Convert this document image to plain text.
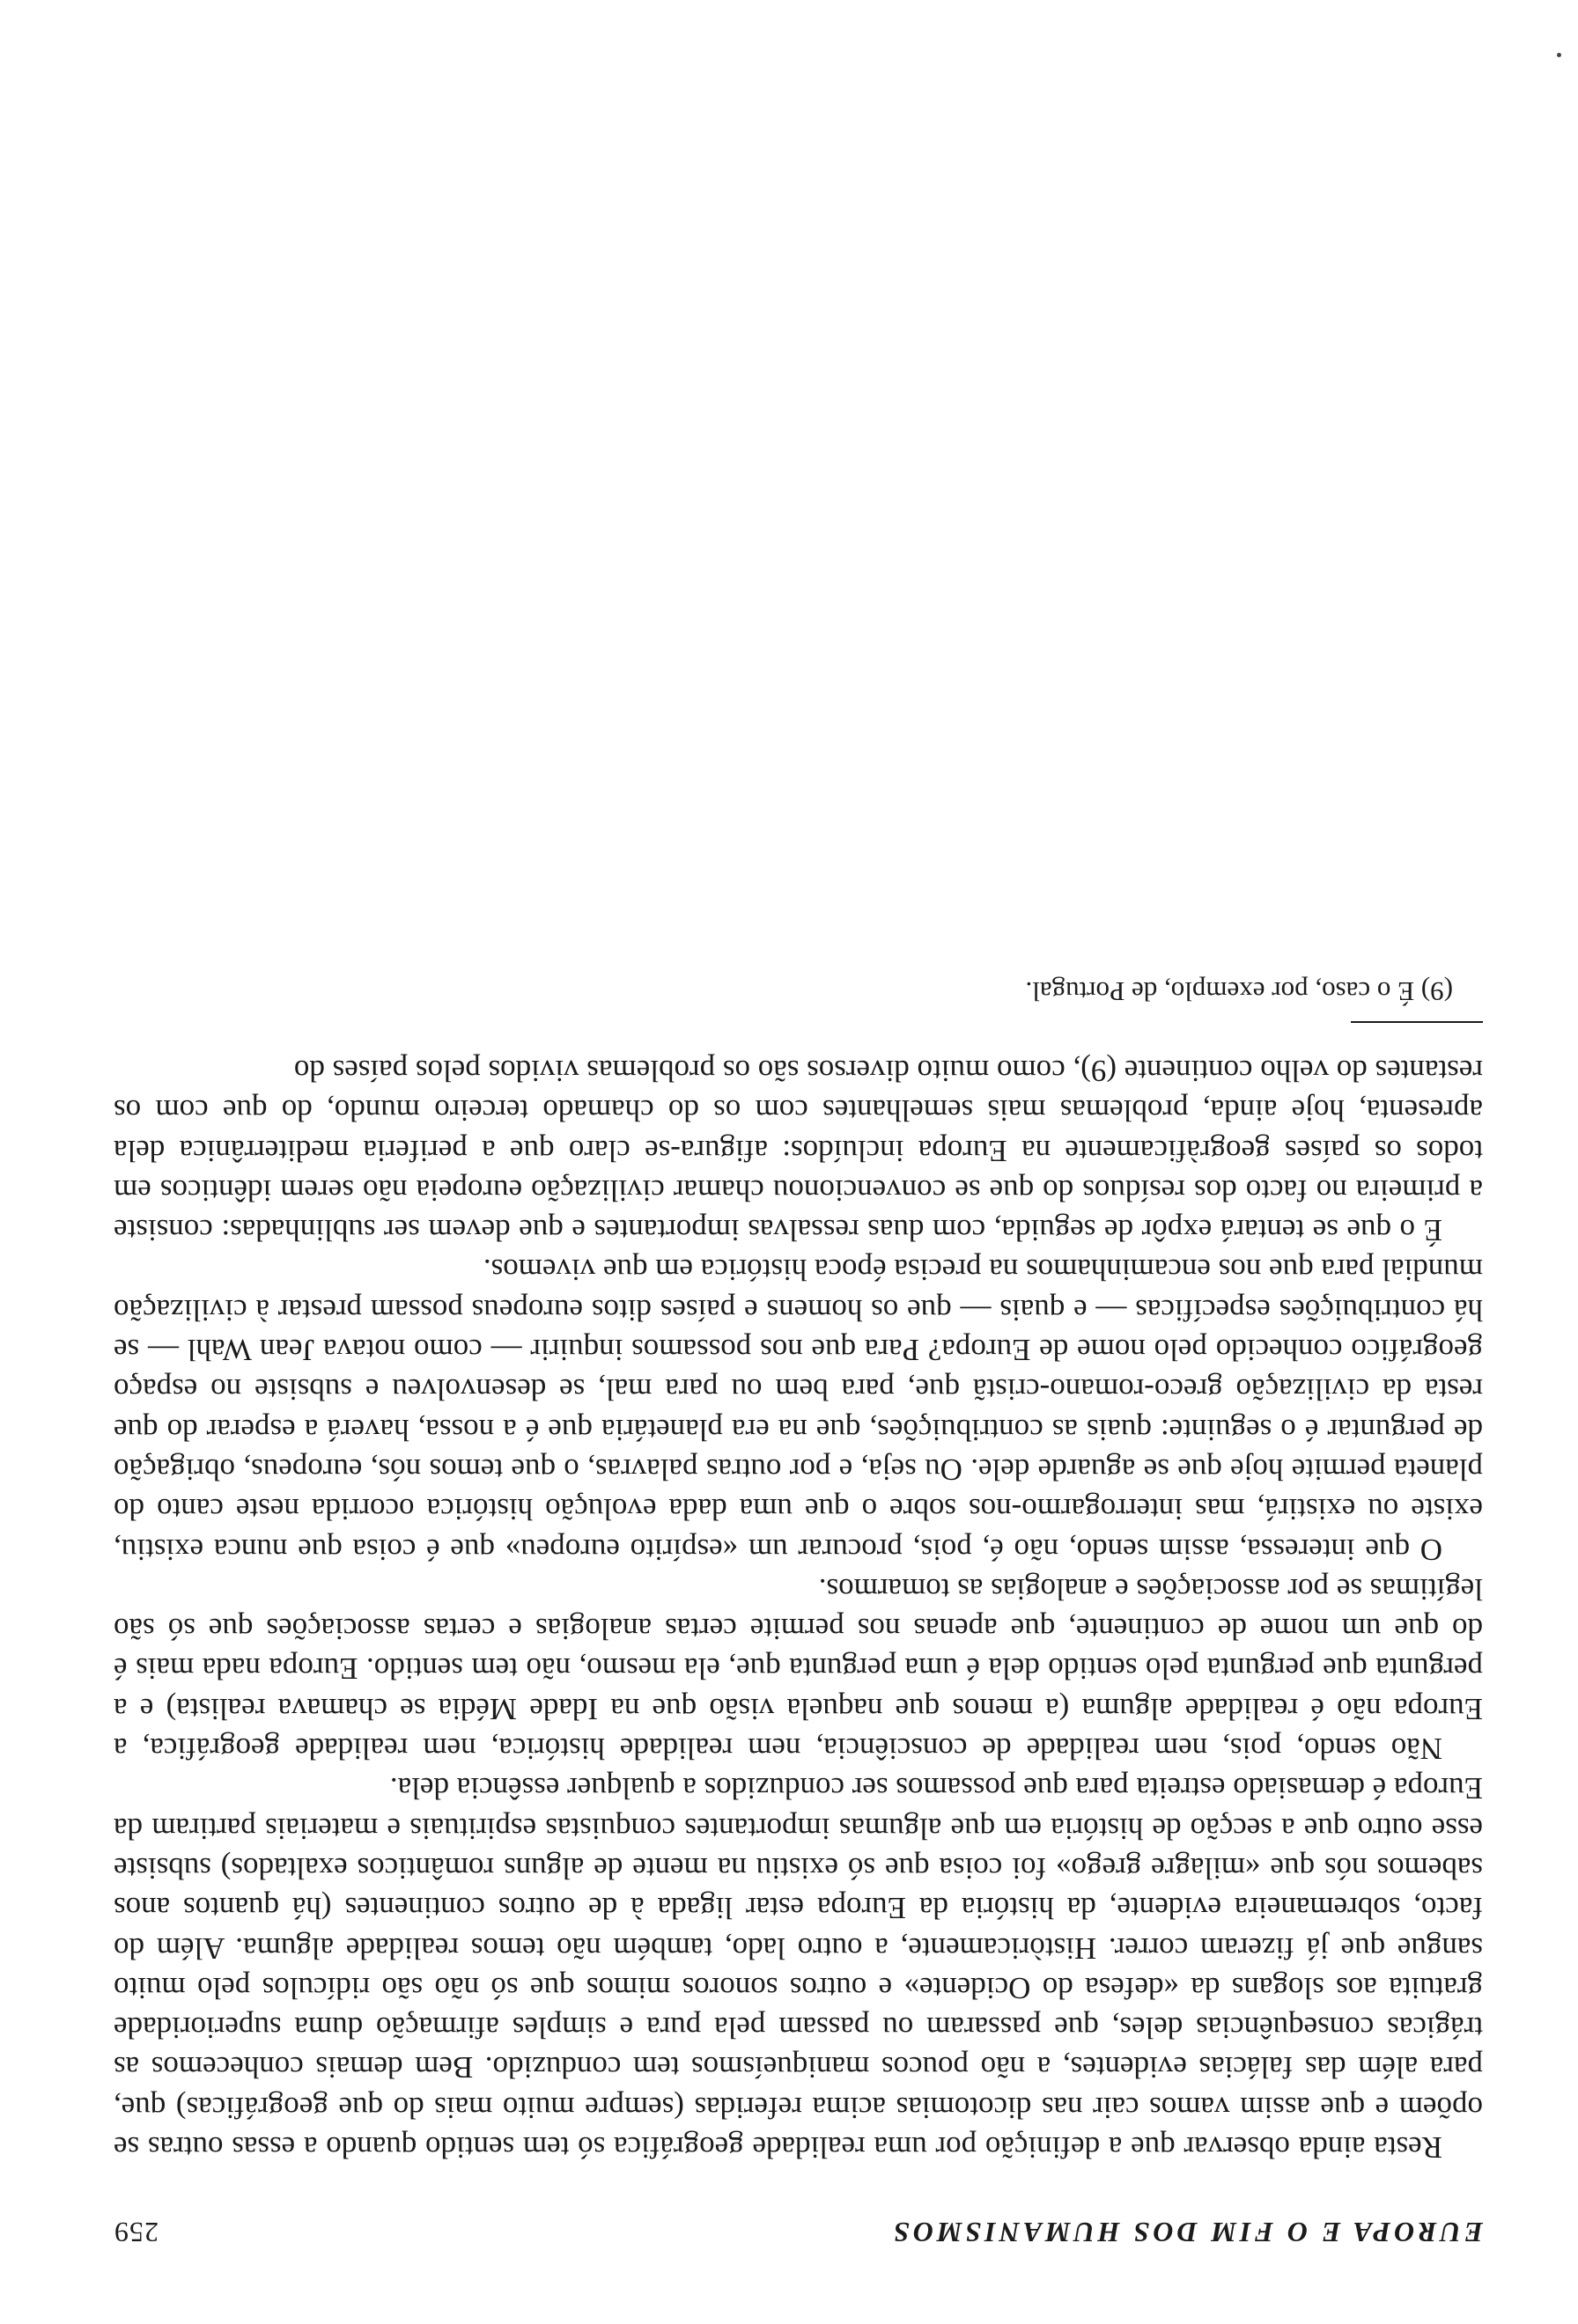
EUROPA E O FIM DOS HUMANISMOS
259

Resta ainda observar que a definição por uma realidade geográfica só tem sentido quando a essas outras se opõem e que assim vamos cair nas dicotomias acima referidas (sempre muito mais do que geográficas) que, para além das falácias evidentes, a não poucos maniqueísmos tem conduzido. Bem demais conhecemos as trágicas consequências deles, que passaram ou passam pela pura e simples afirmação duma superioridade gratuita aos slogans da «defesa do Ocidente» e outros sonoros mimos que só não são ridículos pelo muito sangue que já fizeram correr. Històricamente, a outro lado, também não temos realidade alguma. Além do facto, sobremaneira evidente, da história da Europa estar ligada à de outros continentes (há quantos anos sabemos nós que «milagre grego» foi coisa que só existiu na mente de alguns românticos exaltados) subsiste esse outro que a secção de história em que algumas importantes conquistas espirituais e materiais partiram da Europa é demasiado estreita para que possamos ser conduzidos a qualquer essência dela.

Não sendo, pois, nem realidade de consciência, nem realidade histórica, nem realidade geográfica, a Europa não é realidade alguma (a menos que naquela visão que na Idade Média se chamava realista) e a pergunta que pergunta pelo sentido dela é uma pergunta que, ela mesmo, não tem sentido. Europa nada mais é do que um nome de continente, que apenas nos permite certas analogias e certas associações que só são legítimas se por associações e analogias as tomarmos.

O que interessa, assim sendo, não é, pois, procurar um «espírito europeu» que é coisa que nunca existiu, existe ou existirá, mas interrogarmo-nos sobre o que uma dada evolução histórica ocorrida neste canto do planeta permite hoje que se aguarde dele. Ou seja, e por outras palavras, o que temos nós, europeus, obrigação de perguntar é o seguinte: quais as contribuições, que na era planetária que é a nossa, haverá a esperar do que resta da civilização greco-romano-cristã que, para bem ou para mal, se desenvolveu e subsiste no espaço geográfico conhecido pelo nome de Europa? Para que nos possamos inquirir — como notava Jean Wahl — se há contribuições específicas — e quais — que os homens e países ditos europeus possam prestar à civilização mundial para que nos encaminhamos na precisa época histórica em que vivemos.

É o que se tentará expôr de seguida, com duas ressalvas importantes e que devem ser sublinhadas: consiste a primeira no facto dos resíduos do que se convencionou chamar civilização europeia não serem idênticos em todos os países geogràficamente na Europa incluídos: afigura-se claro que a periferia mediterrânica dela apresenta, hoje ainda, problemas mais semelhantes com os do chamado terceiro mundo, do que com os restantes do velho continente (9), como muito diversos são os problemas vividos pelos países do

(9) É o caso, por exemplo, de Portugal.
